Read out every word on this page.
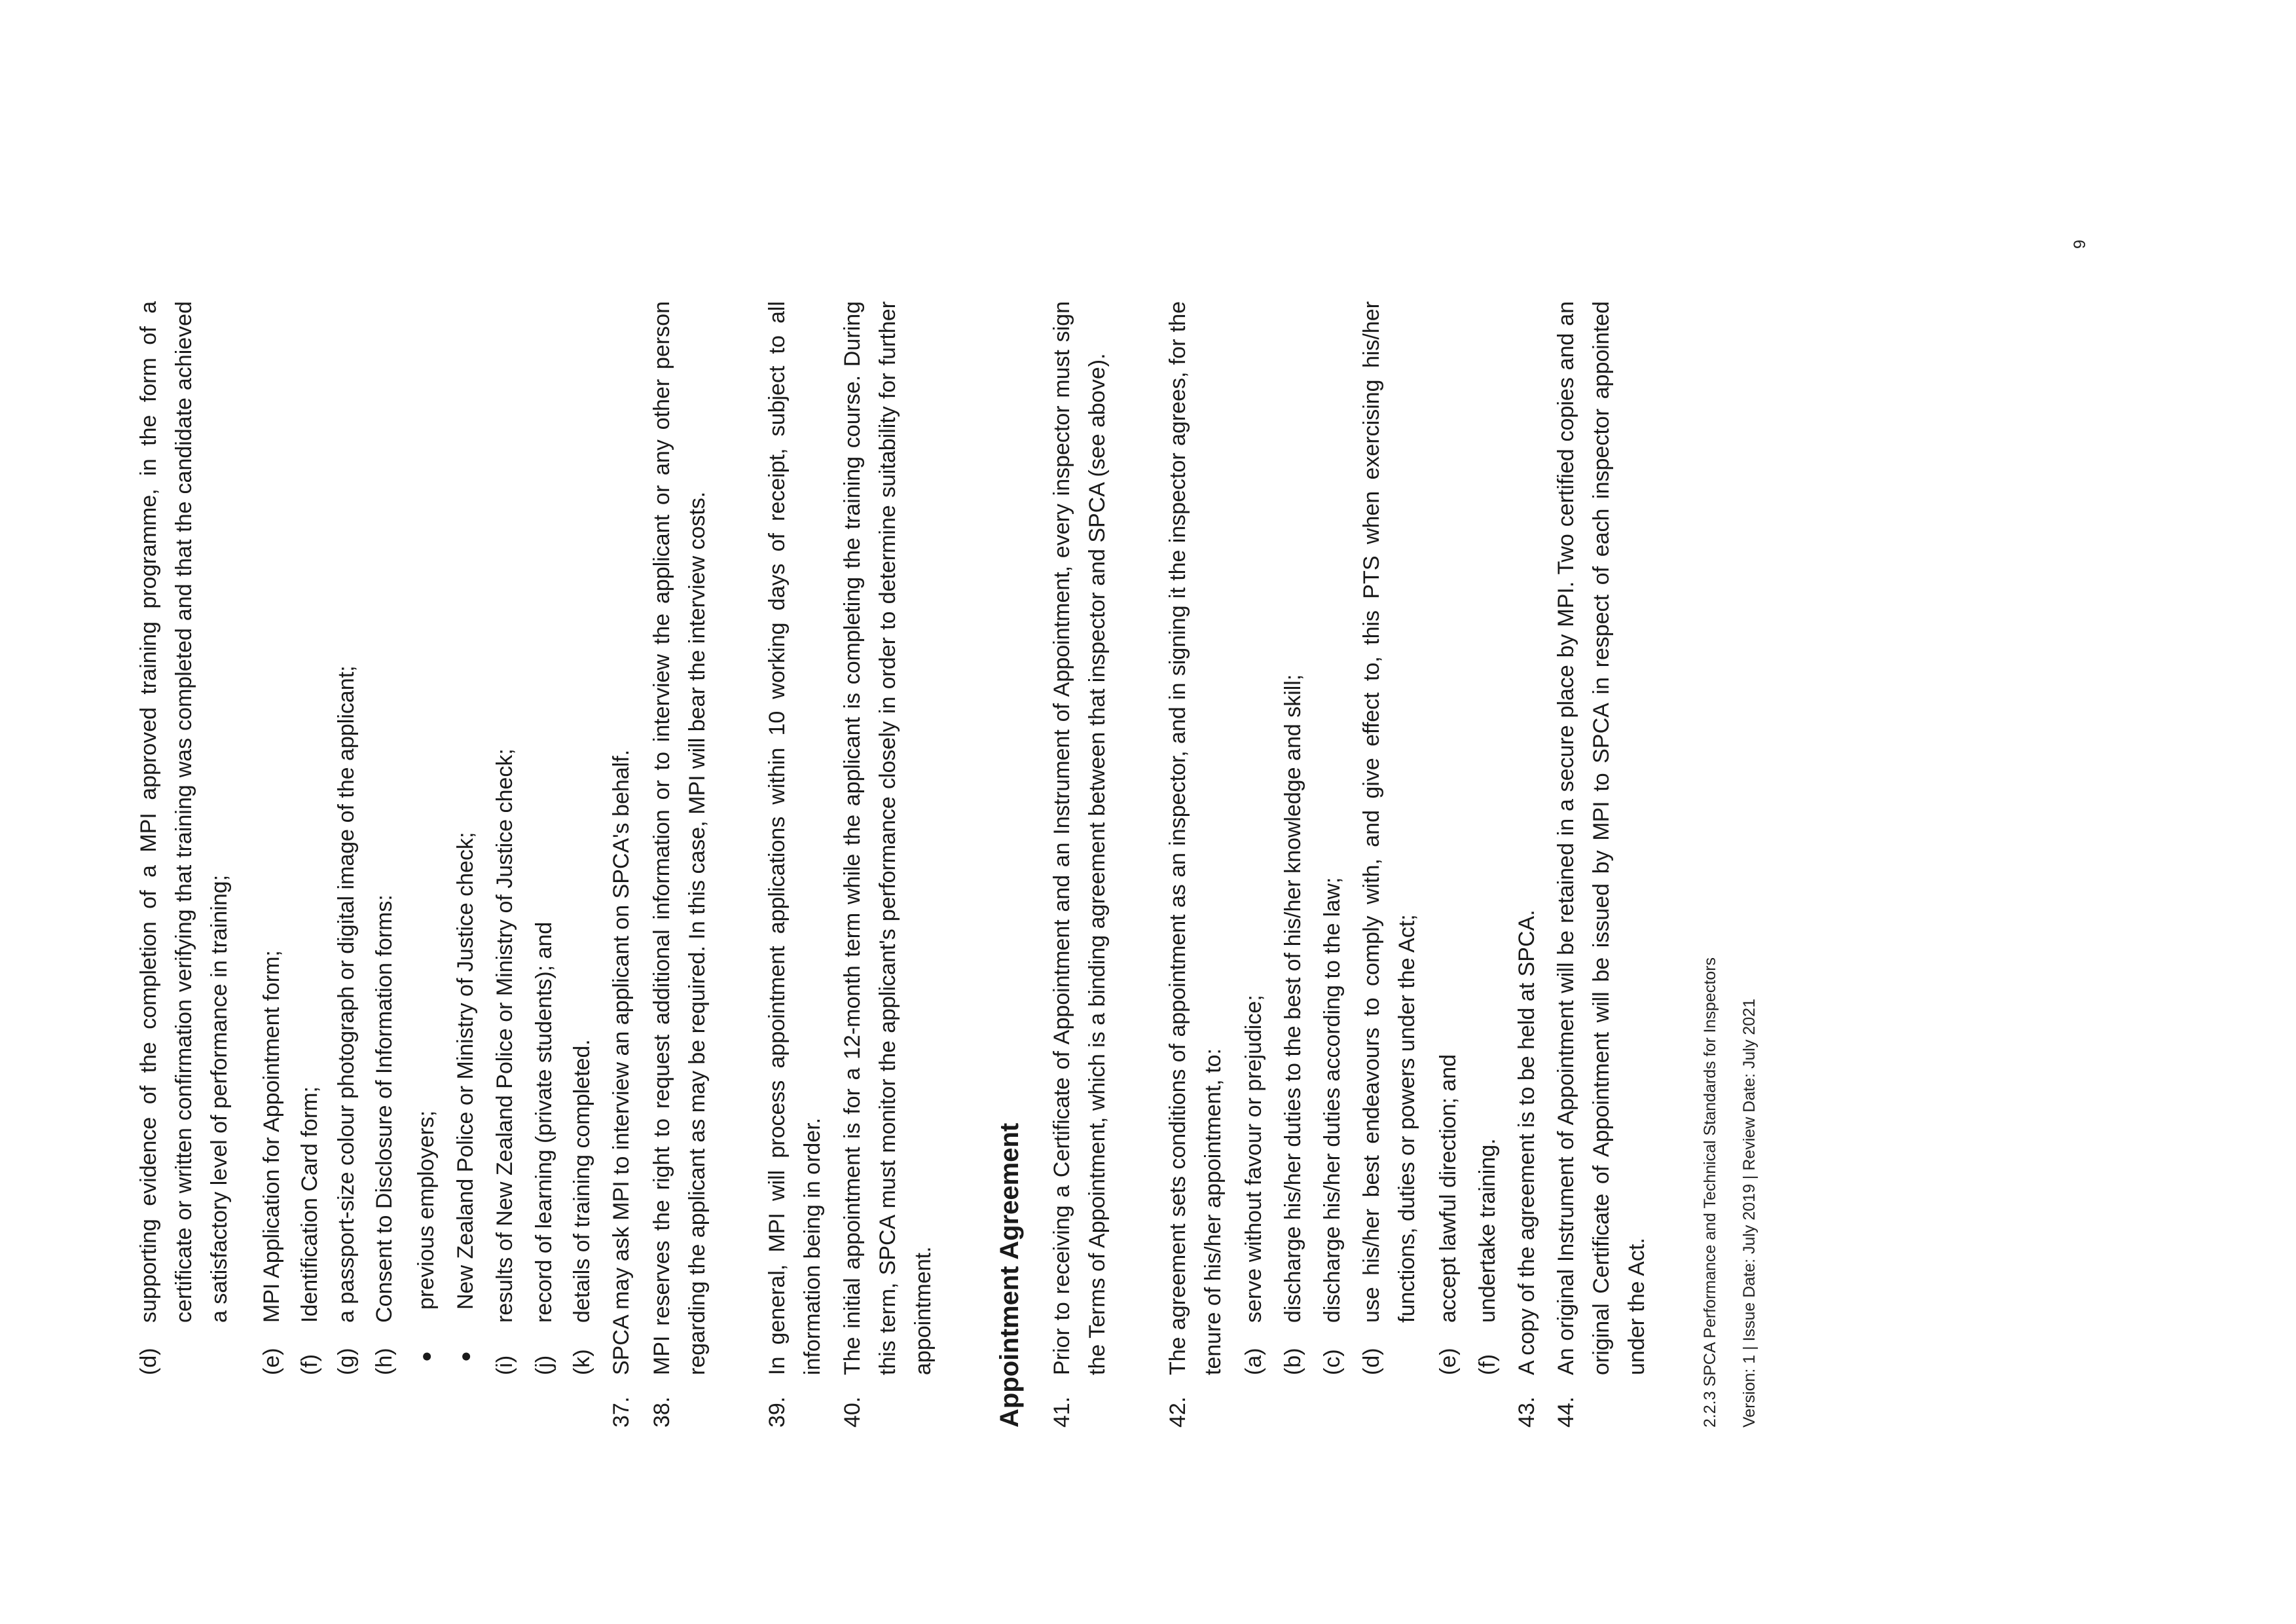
(d)
supporting evidence of the completion of a MPI approved training programme, in the form of a certificate or written confirmation verifying that training was completed and that the candidate achieved a satisfactory level of performance in training;
(e)
MPI Application for Appointment form;
(f)
Identification Card form;
(g)
a passport-size colour photograph or digital image of the applicant;
(h)
Consent to Disclosure of Information forms:
●
previous employers;
●
New Zealand Police or Ministry of Justice check;
(i)
results of New Zealand Police or Ministry of Justice check;
(j)
record of learning (private students); and
(k)
details of training completed.
37.
SPCA may ask MPI to interview an applicant on SPCA's behalf.
38.
MPI reserves the right to request additional information or to interview the applicant or any other person regarding the applicant as may be required. In this case, MPI will bear the interview costs.
39.
In general, MPI will process appointment applications within 10 working days of receipt, subject to all information being in order.
40.
The initial appointment is for a 12-month term while the applicant is completing the training course. During this term, SPCA must monitor the applicant's performance closely in order to determine suitability for further appointment. Appointment Agreement 41.
Prior to receiving a Certificate of Appointment and an Instrument of Appointment, every inspector must sign the Terms of Appointment, which is a binding agreement between that inspector and SPCA (see above).
42.
The agreement sets conditions of appointment as an inspector, and in signing it the inspector agrees, for the tenure of his/her appointment, to: (a)
serve without favour or prejudice;
(b)
discharge his/her duties to the best of his/her knowledge and skill;
(c)
discharge his/her duties according to the law;
(d)
use his/her best endeavours to comply with, and give effect to, this PTS when exercising his/her functions, duties or powers under the Act;
(e)
accept lawful direction; and
(f)
undertake training.
43.
A copy of the agreement is to be held at SPCA.
44.
An original Instrument of Appointment will be retained in a secure place by MPI. Two certified copies and an original Certificate of Appointment will be issued by MPI to SPCA in respect of each inspector appointed under the Act.	2.2.3 SPCA Performance and Technical Standards for Inspectors Version: 1 | Issue Date: July 2019 | Review Date: July 2021
9
